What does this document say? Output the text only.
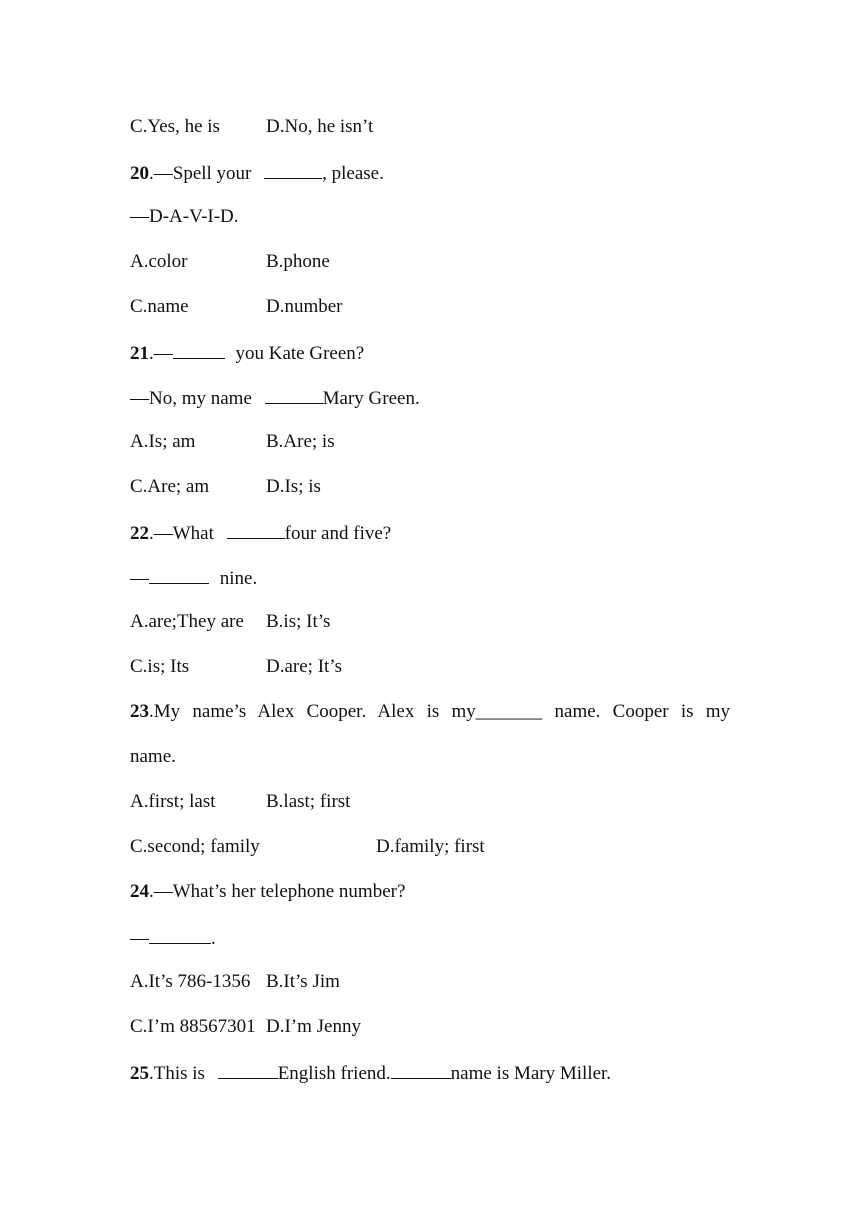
C.Yes, he is D.No, he isn’t
20.—Spell your	, please.
—D-A-V-I-D.
A.color	B.phone
C.name	D.number
21.—	you Kate Green?
—No, my name	Mary Green.
A.Is; am	B.Are; is
C.Are; am	D.Is; is
22.—What	four and five?
—	nine.
A.are;They are B.is; It’s
C.is; Its	D.are; It’s
23.My name’s Alex Cooper. Alex is my_______ name. Cooper is my
name.
A.first; last	B.last; first
C.second; family	D.family; first
24.—What’s her telephone number?
—	.
A.It’s 786-1356 B.It’s Jim
C.I’m 88567301 D.I’m Jenny
25.This is	English friend.	name is Mary Miller.
